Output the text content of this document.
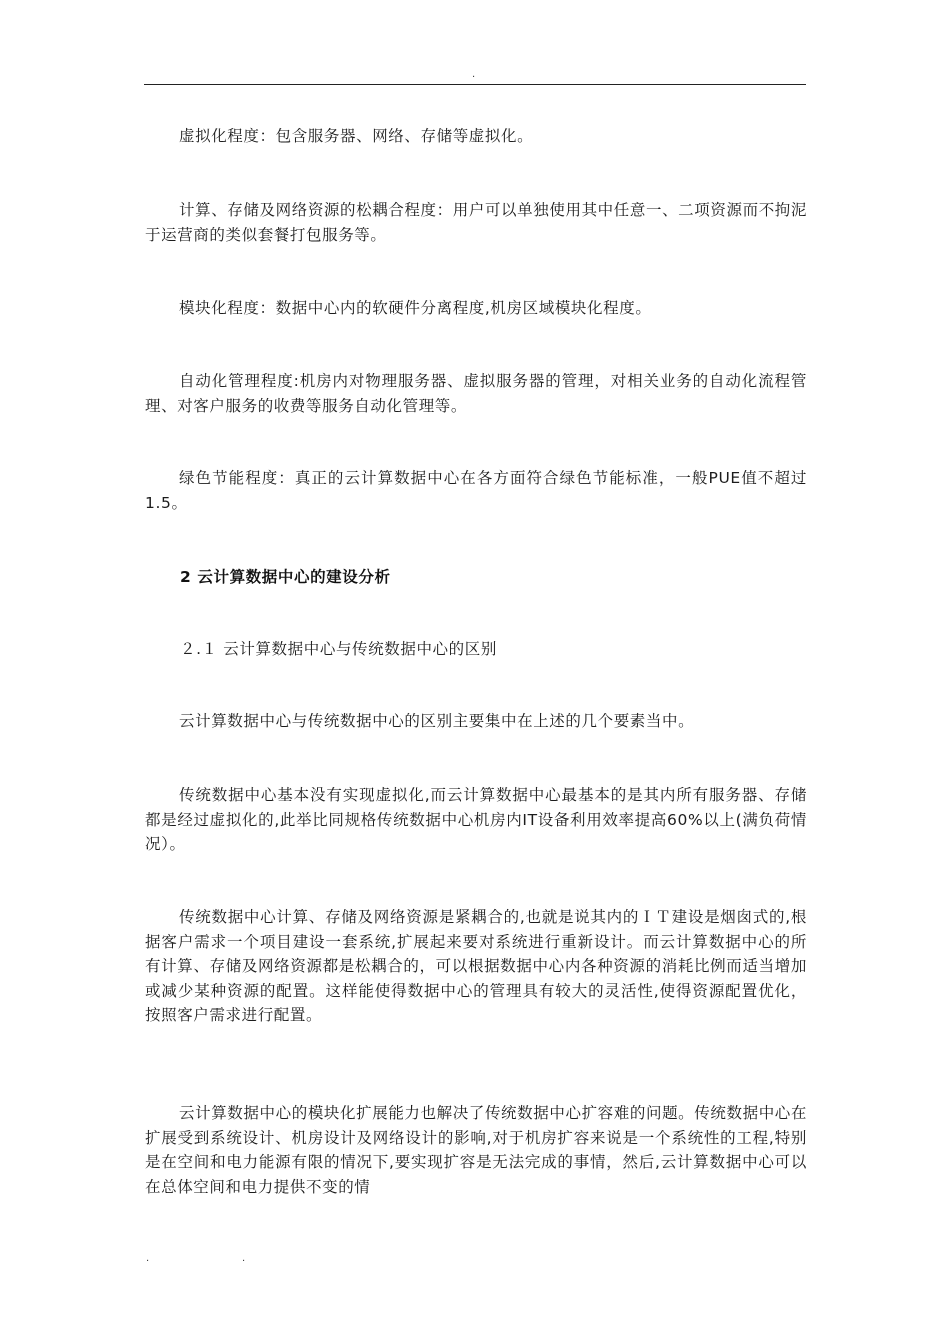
.

虚拟化程度：包含服务器、网络、存储等虚拟化。

计算、存储及网络资源的松耦合程度：用户可以单独使用其中任意一、二项资源而不拘泥于运营商的类似套餐打包服务等。

模块化程度：数据中心内的软硬件分离程度,机房区域模块化程度。

自动化管理程度:机房内对物理服务器、虚拟服务器的管理，对相关业务的自动化流程管理、对客户服务的收费等服务自动化管理等。

绿色节能程度：真正的云计算数据中心在各方面符合绿色节能标准，一般PUE值不超过1.5。

2 云计算数据中心的建设分析
２.１ 云计算数据中心与传统数据中心的区别

云计算数据中心与传统数据中心的区别主要集中在上述的几个要素当中。

传统数据中心基本没有实现虚拟化,而云计算数据中心最基本的是其内所有服务器、存储都是经过虚拟化的,此举比同规格传统数据中心机房内IT设备利用效率提高60%以上(满负荷情况）。

传统数据中心计算、存储及网络资源是紧耦合的,也就是说其内的ＩＴ建设是烟囱式的,根据客户需求一个项目建设一套系统,扩展起来要对系统进行重新设计。而云计算数据中心的所有计算、存储及网络资源都是松耦合的，可以根据数据中心内各种资源的消耗比例而适当增加或减少某种资源的配置。这样能使得数据中心的管理具有较大的灵活性,使得资源配置优化，按照客户需求进行配置。

云计算数据中心的模块化扩展能力也解决了传统数据中心扩容难的问题。传统数据中心在扩展受到系统设计、机房设计及网络设计的影响,对于机房扩容来说是一个系统性的工程,特别是在空间和电力能源有限的情况下,要实现扩容是无法完成的事情，然后,云计算数据中心可以在总体空间和电力提供不变的情

.	.
